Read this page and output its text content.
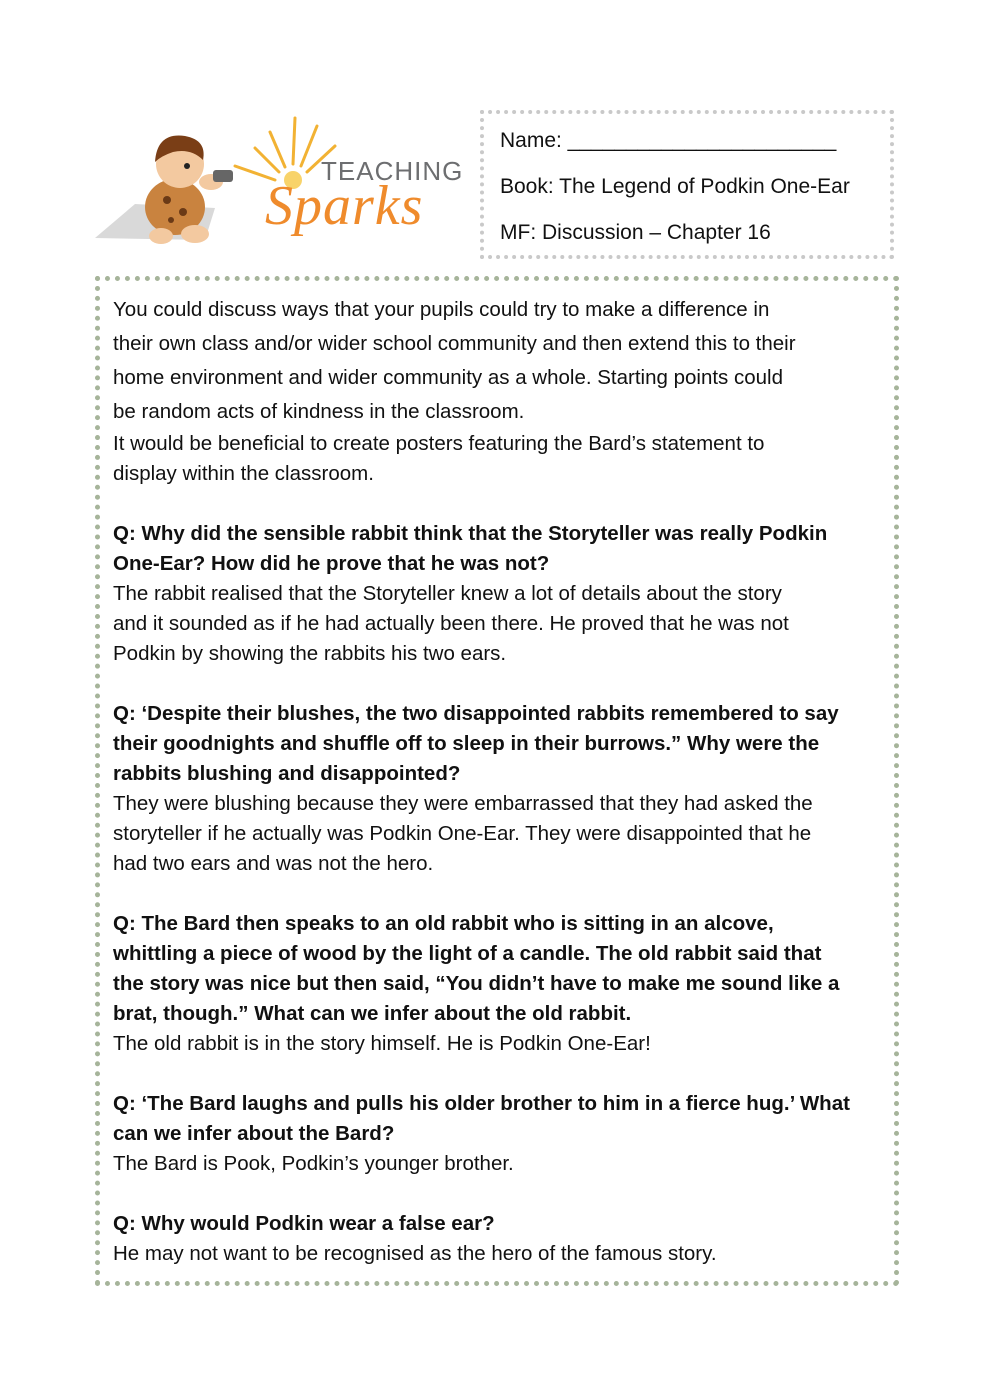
TEACHING
Sparks
Name: _______________________
Book: The Legend of Podkin One-Ear
MF: Discussion – Chapter 16
You could discuss ways that your pupils could try to make a difference in
their own class and/or wider school community and then extend this to their
home environment and wider community as a whole. Starting points could
be random acts of kindness in the classroom.
It would be beneficial to create posters featuring the Bard’s statement to
display within the classroom.
Q: Why did the sensible rabbit think that the Storyteller was really Podkin
One-Ear? How did he prove that he was not?
The rabbit realised that the Storyteller knew a lot of details about the story
and it sounded as if he had actually been there. He proved that he was not
Podkin by showing the rabbits his two ears.
Q: ‘Despite their blushes, the two disappointed rabbits remembered to say
their goodnights and shuffle off to sleep in their burrows.” Why were the
rabbits blushing and disappointed?
They were blushing because they were embarrassed that they had asked the
storyteller if he actually was Podkin One-Ear. They were disappointed that he
had two ears and was not the hero.
Q: The Bard then speaks to an old rabbit who is sitting in an alcove,
whittling a piece of wood by the light of a candle. The old rabbit said that
the story was nice but then said, “You didn’t have to make me sound like a
brat, though.” What can we infer about the old rabbit.
The old rabbit is in the story himself. He is Podkin One-Ear!
Q: ‘The Bard laughs and pulls his older brother to him in a fierce hug.’ What
can we infer about the Bard?
The Bard is Pook, Podkin’s younger brother.
Q: Why would Podkin wear a false ear?
He may not want to be recognised as the hero of the famous story.
